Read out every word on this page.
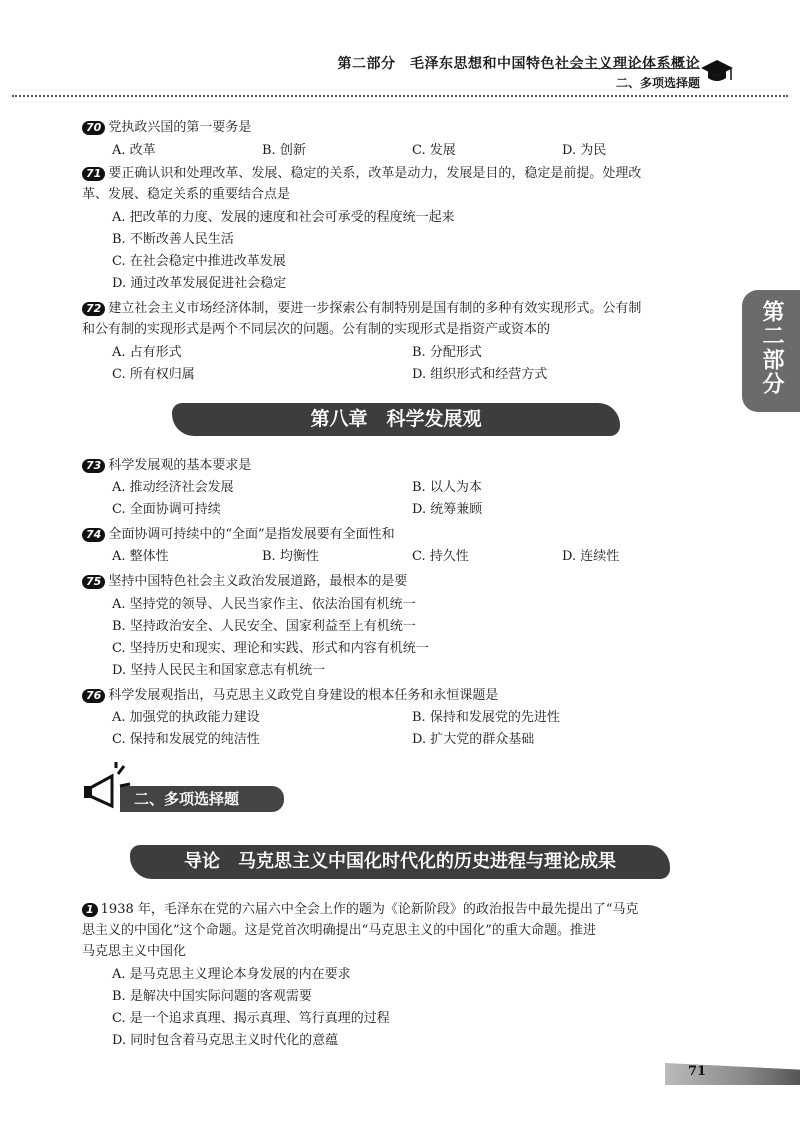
第二部分　毛泽东思想和中国特色社会主义理论体系概论
二、多项选择题
第二部分
70 党执政兴国的第一要务是
A. 改革	B. 创新	C. 发展	D. 为民
71 要正确认识和处理改革、发展、稳定的关系，改革是动力，发展是目的，稳定是前提。处理改
革、发展、稳定关系的重要结合点是
A. 把改革的力度、发展的速度和社会可承受的程度统一起来
B. 不断改善人民生活
C. 在社会稳定中推进改革发展
D. 通过改革发展促进社会稳定
72 建立社会主义市场经济体制，要进一步探索公有制特别是国有制的多种有效实现形式。公有制
和公有制的实现形式是两个不同层次的问题。公有制的实现形式是指资产或资本的
A. 占有形式	B. 分配形式
C. 所有权归属	D. 组织形式和经营方式
第八章　科学发展观
73 科学发展观的基本要求是
A. 推动经济社会发展	B. 以人为本
C. 全面协调可持续	D. 统筹兼顾
74 全面协调可持续中的“全面”是指发展要有全面性和
A. 整体性	B. 均衡性	C. 持久性	D. 连续性
75 坚持中国特色社会主义政治发展道路，最根本的是要
A. 坚持党的领导、人民当家作主、依法治国有机统一
B. 坚持政治安全、人民安全、国家利益至上有机统一
C. 坚持历史和现实、理论和实践、形式和内容有机统一
D. 坚持人民民主和国家意志有机统一
76 科学发展观指出，马克思主义政党自身建设的根本任务和永恒课题是
A. 加强党的执政能力建设	B. 保持和发展党的先进性
C. 保持和发展党的纯洁性	D. 扩大党的群众基础
二、多项选择题
导论　马克思主义中国化时代化的历史进程与理论成果
1 1938 年，毛泽东在党的六届六中全会上作的题为《论新阶段》的政治报告中最先提出了“马克
思主义的中国化”这个命题。这是党首次明确提出“马克思主义的中国化”的重大命题。推进
马克思主义中国化
A. 是马克思主义理论本身发展的内在要求
B. 是解决中国实际问题的客观需要
C. 是一个追求真理、揭示真理、笃行真理的过程
D. 同时包含着马克思主义时代化的意蕴
71
